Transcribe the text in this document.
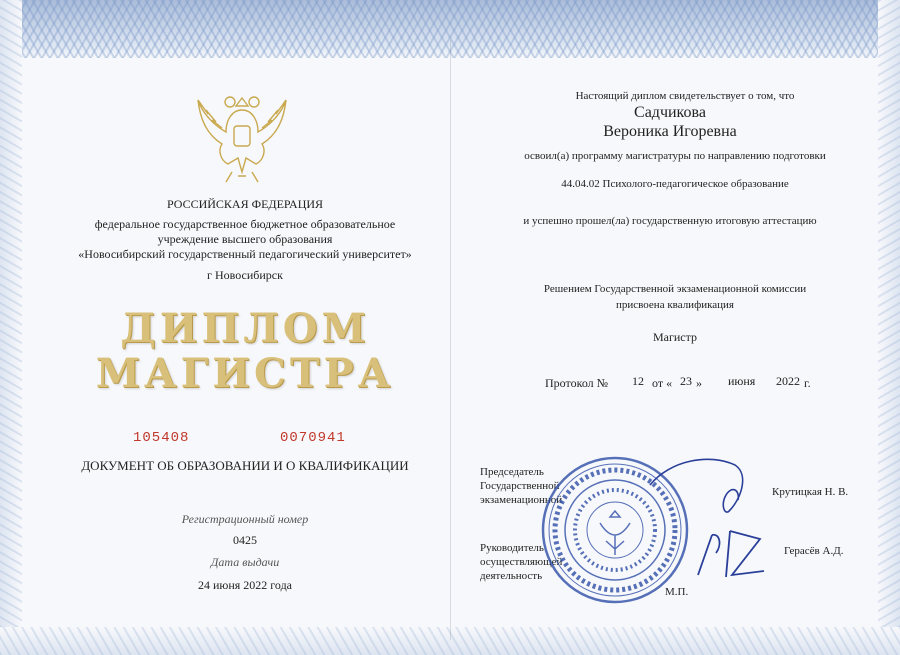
РОССИЙСКАЯ ФЕДЕРАЦИЯ
федеральное государственное бюджетное образовательное
учреждение высшего образования
«Новосибирский государственный педагогический университет»
г Новосибирск
ДИПЛОМ
МАГИСТРА
105408	0070941
ДОКУМЕНТ ОБ ОБРАЗОВАНИИ И О КВАЛИФИКАЦИИ
Регистрационный номер
0425
Дата выдачи
24 июня 2022 года
Настоящий диплом свидетельствует о том, что
Садчикова
Вероника Игоревна
освоил(а) программу магистратуры по направлению подготовки
44.04.02 Психолого-педагогическое образование
и успешно прошел(ла) государственную итоговую аттестацию
Решением Государственной экзаменационной комиссии
присвоена квалификация
Магистр
Протокол № 12 от « 23 » июня 2022 г.
Председатель
Государственной
экзаменационной
Крутицкая Н. В.
Руководитель
осуществляющей
деятельность
Герасёв А.Д.
М.П.
